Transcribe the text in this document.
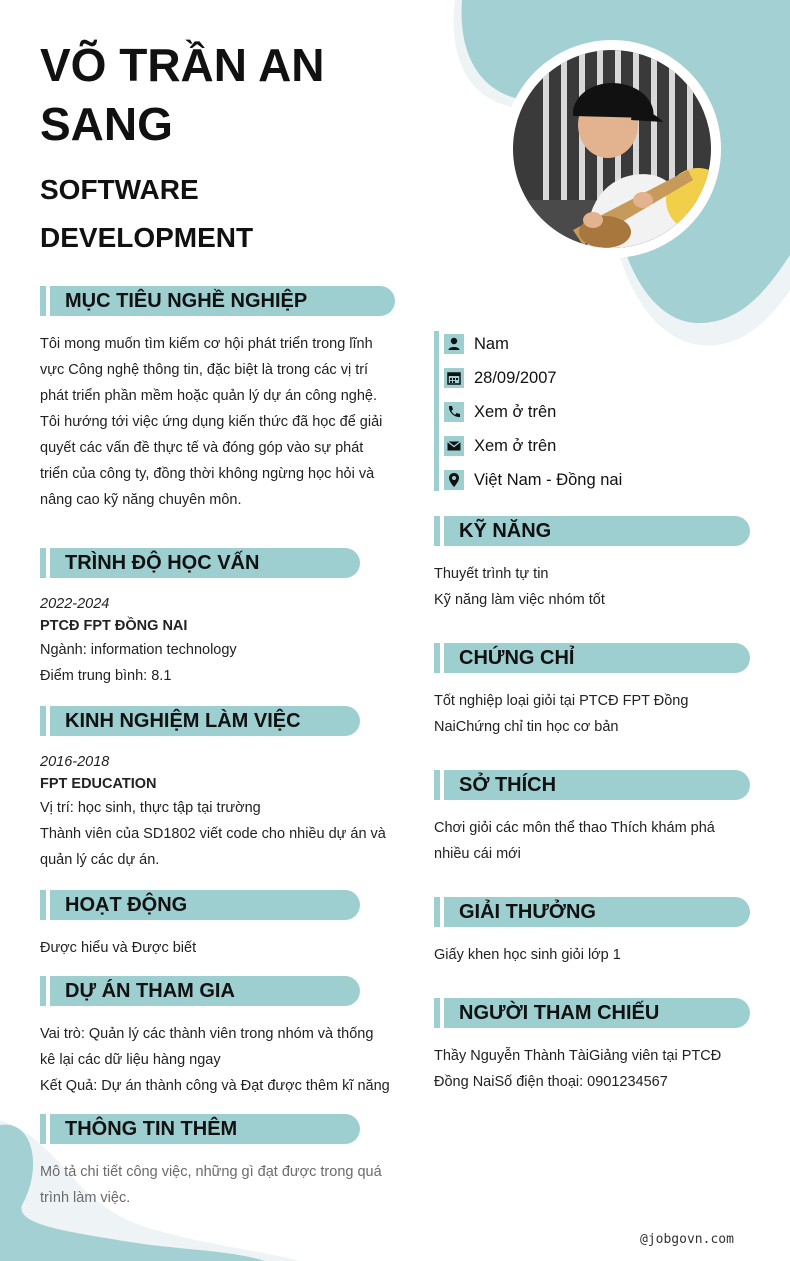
VÕ TRẦN AN
SANG
SOFTWARE
DEVELOPMENT
MỤC TIÊU NGHỀ NGHIỆP

Tôi mong muốn tìm kiếm cơ hội phát triển trong lĩnh

vực Công nghệ thông tin, đặc biệt là trong các vị trí

phát triển phần mềm hoặc quản lý dự án công nghệ.

Tôi hướng tới việc ứng dụng kiến thức đã học để giải

quyết các vấn đề thực tế và đóng góp vào sự phát

triển của công ty, đồng thời không ngừng học hỏi và

nâng cao kỹ năng chuyên môn.

TRÌNH ĐỘ HỌC VẤN

2022-2024

PTCĐ FPT ĐỒNG NAI

Ngành: information technology

Điểm trung bình: 8.1

KINH NGHIỆM LÀM VIỆC

2016-2018

FPT EDUCATION

Vị trí: học sinh, thực tập tại trường

Thành viên của SD1802 viết code cho nhiều dự án và

quản lý các dự án.

HOẠT ĐỘNG

Được hiểu và Được biết

DỰ ÁN THAM GIA

Vai trò: Quản lý các thành viên trong nhóm và thống

kê lại các dữ liệu hàng ngay

Kết Quả: Dự án thành công và Đạt được thêm kĩ năng

THÔNG TIN THÊM

Mô tả chi tiết công việc, những gì đạt được trong quá

trình làm việc.

Nam
28/09/2007
Xem ở trên
Xem ở trên
Việt Nam - Đồng nai
KỸ NĂNG

Thuyết trình tự tin

Kỹ năng làm việc nhóm tốt

CHỨNG CHỈ

Tốt nghiệp loại giỏi tại PTCĐ FPT Đồng

NaiChứng chỉ tin học cơ bản

SỞ THÍCH

Chơi giỏi các môn thể thao Thích khám phá

nhiều cái mới

GIẢI THƯỞNG

Giấy khen học sinh giỏi lớp 1

NGƯỜI THAM CHIẾU

Thầy Nguyễn Thành TàiGiảng viên tại PTCĐ

Đồng NaiSố điện thoại: 0901234567

@jobgovn.com
